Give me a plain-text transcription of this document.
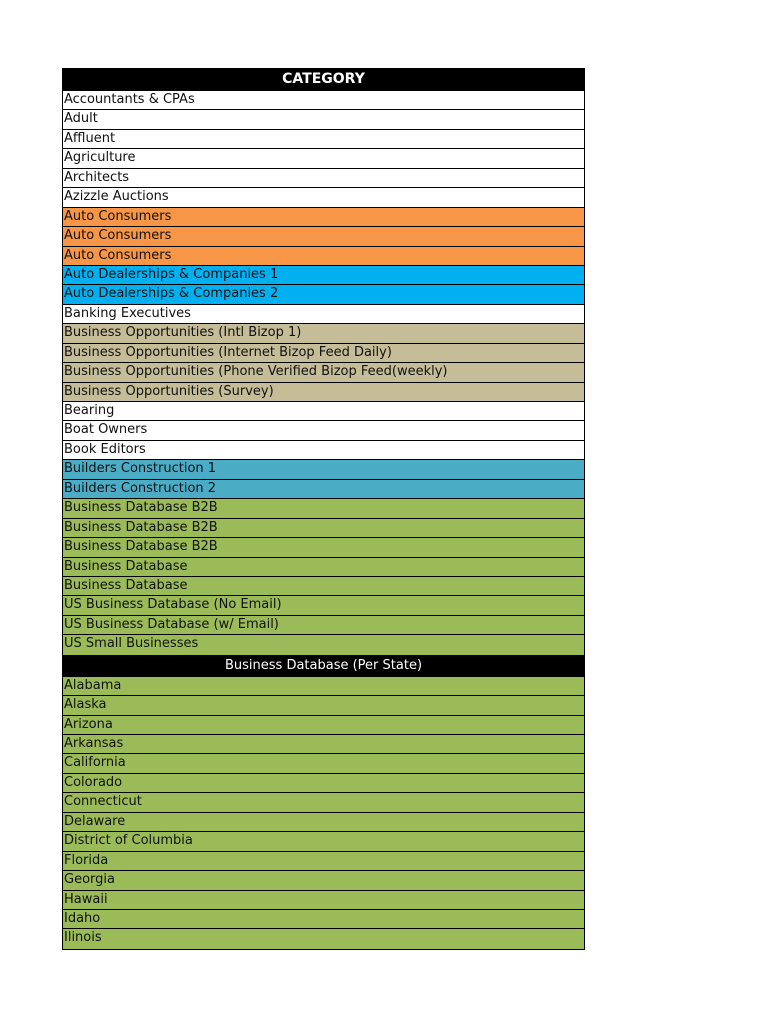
CATEGORY
Accountants & CPAs
Adult
Affluent
Agriculture
Architects
Azizzle Auctions
Auto Consumers
Auto Consumers
Auto Consumers
Auto Dealerships & Companies 1
Auto Dealerships & Companies 2
Banking Executives
Business Opportunities (Intl Bizop 1)
Business Opportunities (Internet Bizop Feed Daily)
Business Opportunities (Phone Verified Bizop Feed(weekly)
Business Opportunities (Survey)
Bearing
Boat Owners
Book Editors
Builders Construction 1
Builders Construction 2
Business Database B2B
Business Database B2B
Business Database B2B
Business Database
Business Database
US Business Database (No Email)
US Business Database (w/ Email)
US Small Businesses
Business Database (Per State)
Alabama
Alaska
Arizona
Arkansas
California
Colorado
Connecticut
Delaware
District of Columbia
Florida
Georgia
Hawaii
Idaho
Ilinois
